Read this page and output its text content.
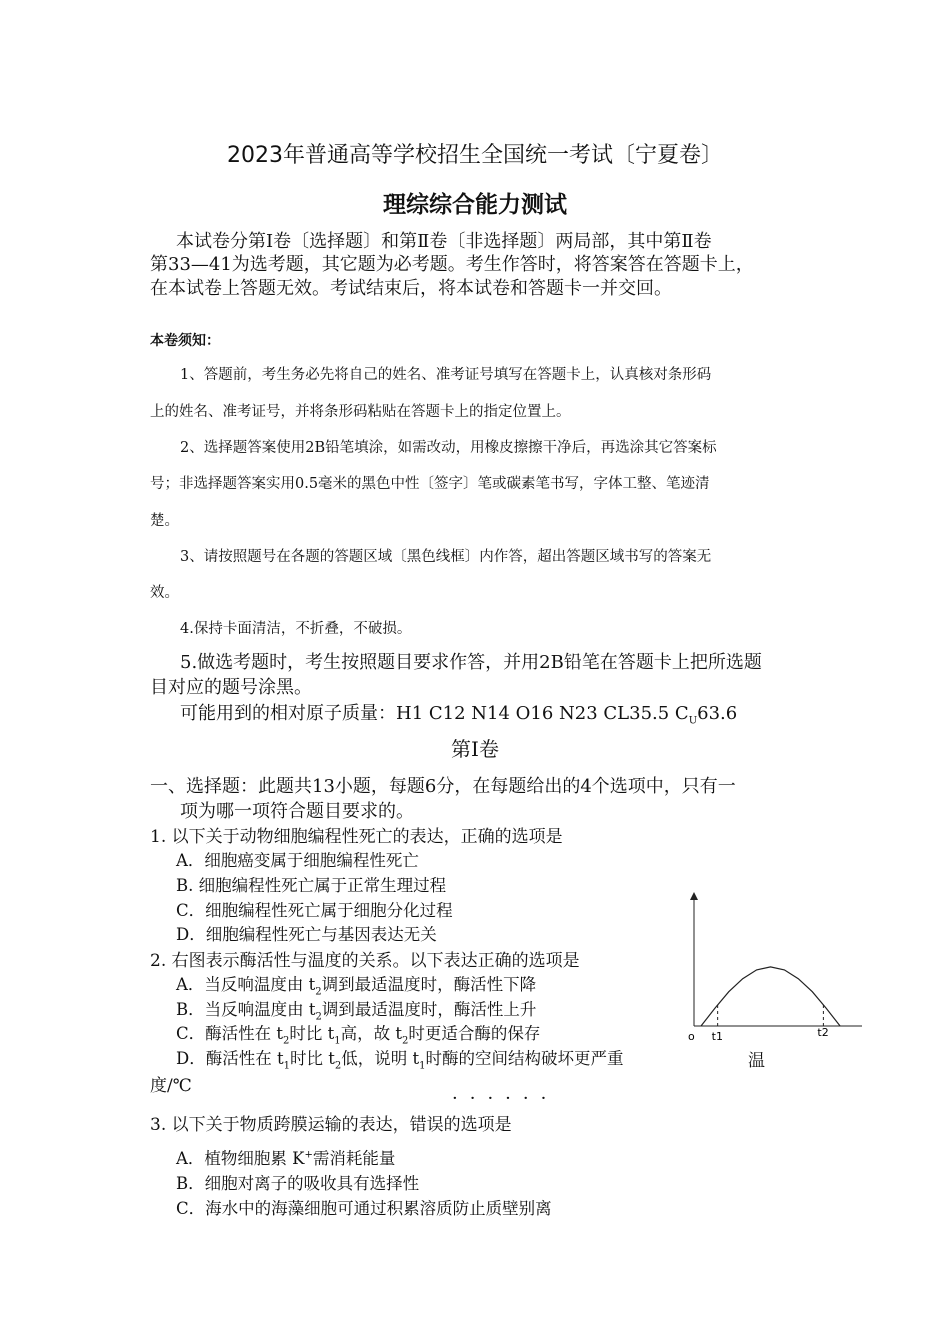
2023年普通高等学校招生全国统一考试〔宁夏卷〕
理综综合能力测试
本试卷分第Ⅰ卷〔选择题〕和第Ⅱ卷〔非选择题〕两局部，其中第Ⅱ卷
第33—41为选考题，其它题为必考题。考生作答时，将答案答在答题卡上，
在本试卷上答题无效。考试结束后，将本试卷和答题卡一并交回。
本卷须知：
1、答题前，考生务必先将自己的姓名、准考证号填写在答题卡上，认真核对条形码
上的姓名、准考证号，并将条形码粘贴在答题卡上的指定位置上。
2、选择题答案使用2B铅笔填涂，如需改动，用橡皮擦擦干净后，再选涂其它答案标
号；非选择题答案实用0.5毫米的黑色中性〔签字〕笔或碳素笔书写，字体工整、笔迹清
楚。
3、请按照题号在各题的答题区域〔黑色线框〕内作答，超出答题区域书写的答案无
效。
4.保持卡面清洁，不折叠，不破损。
5.做选考题时，考生按照题目要求作答，并用2B铅笔在答题卡上把所选题
目对应的题号涂黑。
可能用到的相对原子质量：H1 C12 N14 O16 N23 CL35.5 $C_U63.6$
第Ⅰ卷
一、选择题：此题共13小题，每题6分，在每题给出的4个选项中，只有一
项为哪一项符合题目要求的。
1. 以下关于动物细胞编程性死亡的表达，正确的选项是
A．细胞癌变属于细胞编程性死亡
B. 细胞编程性死亡属于正常生理过程
C．细胞编程性死亡属于细胞分化过程
D．细胞编程性死亡与基因表达无关
2. 右图表示酶活性与温度的关系。以下表达正确的选项是
A．当反响温度由 $t_2$调到最适温度时，酶活性下降
B．当反响温度由 $t_2$调到最适温度时，酶活性上升
C．酶活性在 $t_2$时比 $t_1$高，故 $t_2$时更适合酶的保存
D．酶活性在 $t_1$时比 $t_2$低，说明 $t_1$时酶的空间结构破坏更严重	温
度/℃
······
3. 以下关于物质跨膜运输的表达，错误的选项是
A．植物细胞累 K+需消耗能量
B．细胞对离子的吸收具有选择性
C．海水中的海藻细胞可通过积累溶质防止质壁别离
o t1	t2
